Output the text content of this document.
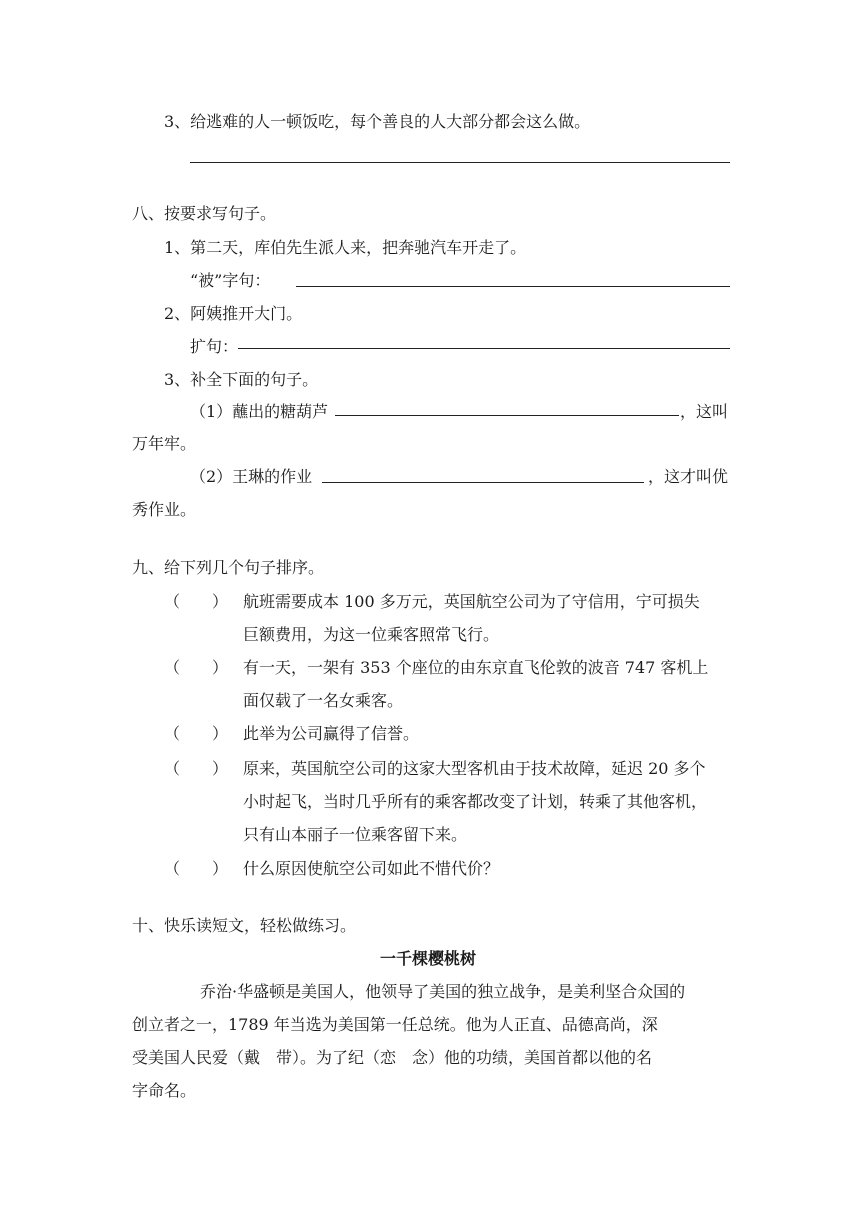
3、给逃难的人一顿饭吃，每个善良的人大部分都会这么做。
八、按要求写句子。
1、第二天，库伯先生派人来，把奔驰汽车开走了。
“被”字句：
2、阿姨推开大门。
扩句：
3、补全下面的句子。
（1）蘸出的糖葫芦	，这叫
万年牢。
（2）王琳的作业	，这才叫优
秀作业。
九、给下列几个句子排序。
（　　） 航班需要成本 100 多万元，英国航空公司为了守信用，宁可损失
巨额费用，为这一位乘客照常飞行。
（　　） 有一天，一架有 353 个座位的由东京直飞伦敦的波音 747 客机上
面仅载了一名女乘客。
（　　） 此举为公司赢得了信誉。
（　　） 原来，英国航空公司的这家大型客机由于技术故障，延迟 20 多个
小时起飞，当时几乎所有的乘客都改变了计划，转乘了其他客机，
只有山本丽子一位乘客留下来。
（　　） 什么原因使航空公司如此不惜代价？
十、快乐读短文，轻松做练习。
一千棵樱桃树
乔治·华盛顿是美国人，他领导了美国的独立战争，是美利坚合众国的
创立者之一，1789 年当选为美国第一任总统。他为人正直、品德高尚，深
受美国人民爱（戴　带）。为了纪（恋　念）他的功绩，美国首都以他的名
字命名。
